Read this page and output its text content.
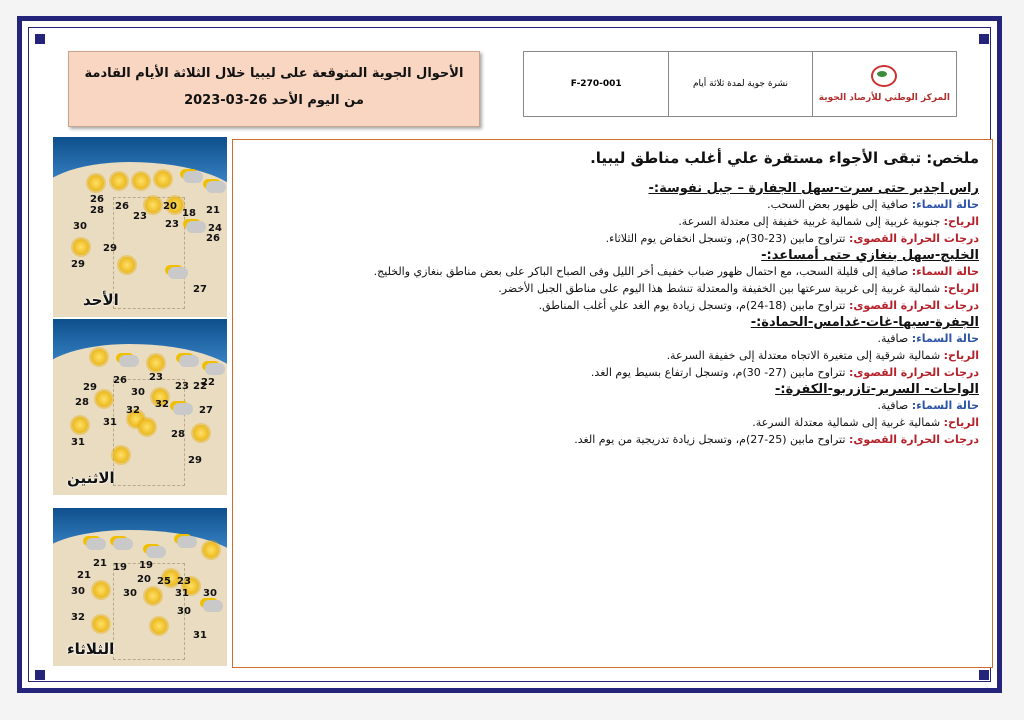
الأحوال الجوية المتوقعة على ليبيا خلال الثلاثة الأيام القادمة
من اليوم الأحد 26-03-2023
F-270-001	نشرة جوية لمدة ثلاثة أيام
المركز الوطني للأرصاد الجوية
26
28 26
23
20
18 21
30	23	24
26
29
29
27
الأحد
23
26
23 22
22
29	30
28
32
32
27
31
28
31
29
الاثنين
21 19 19
21	20 25 23
30	30	31 30
32
30
31
الثلاثاء
ملخص: تبقى الأجواء مستقرة علي أغلب مناطق ليبيا.
راس اجدير حتى سرت-سهل الجفارة – جبل نفوسة:-
حالة السماء: صافية إلى ظهور بعض السحب.
الرياح: جنوبية غربية إلى شمالية غربية خفيفة إلى معتدلة السرعة.
درجات الحرارة القصوى: تتراوح مابين (23-30)م, وتسجل انخفاض يوم الثلاثاء.
الخليج-سهل بنغازي حتى أمساعد:-
حالة السماء: صافية إلى قليلة السحب، مع احتمال ظهور ضباب خفيف أخر الليل وفى الصباح الباكر على بعض مناطق بنغازي والخليج.
الرياح: شمالية غربية إلى غربية سرعتها بين الخفيفة والمعتدلة تنشط هذا اليوم على مناطق الجبل الأخضر.
درجات الحرارة القصوى: تتراوح مابين (18-24)م، وتسجل زيادة يوم الغد علي أغلب المناطق.
الجفرة-سبها-غات-غدامس-الحمادة:-
حالة السماء: صافية.
الرياح: شمالية شرقية إلى متغيرة الاتجاه معتدلة إلى خفيفة السرعة.
درجات الحرارة القصوى: تتراوح مابين (27- 30)م، وتسجل ارتفاع بسيط يوم الغد.
الواحات- السرير-تازربو-الكفرة:-
حالة السماء: صافية.
الرياح: شمالية غربية إلى شمالية معتدلة السرعة.
درجات الحرارة القصوى: تتراوح مابين (25-27)م، وتسجل زيادة تدريجية من يوم الغد.
